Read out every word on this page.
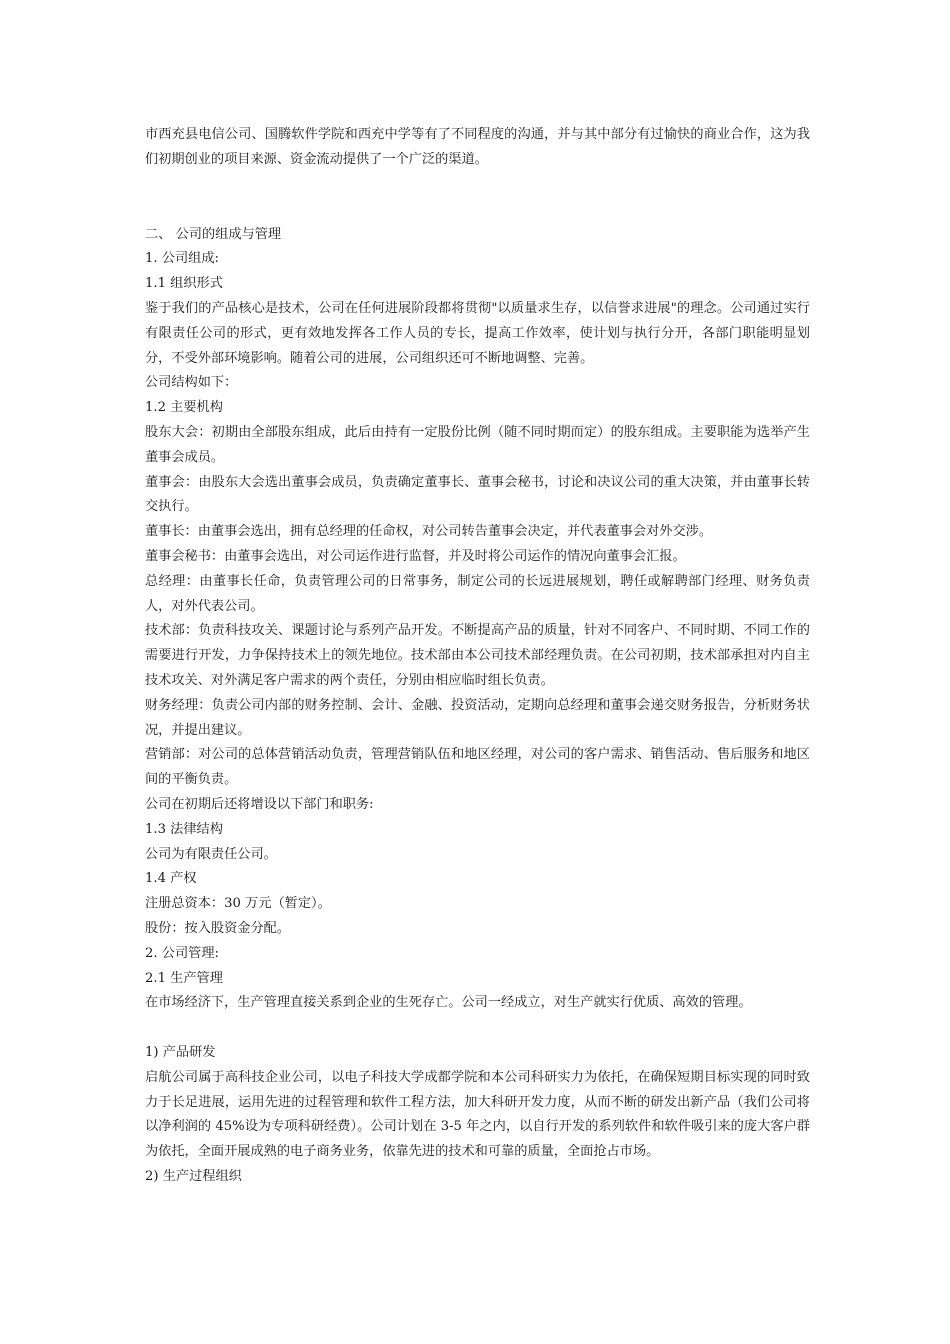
市西充县电信公司、国腾软件学院和西充中学等有了不同程度的沟通，并与其中部分有过愉快的商业合作，这为我们初期创业的项目来源、资金流动提供了一个广泛的渠道。

二、 公司的组成与管理

1. 公司组成:

1.1 组织形式

鉴于我们的产品核心是技术，公司在任何进展阶段都将贯彻"以质量求生存，以信誉求进展"的理念。公司通过实行有限责任公司的形式，更有效地发挥各工作人员的专长，提高工作效率，使计划与执行分开，各部门职能明显划分，不受外部环境影响。随着公司的进展，公司组织还可不断地调整、完善。

公司结构如下：

1.2 主要机构

股东大会：初期由全部股东组成，此后由持有一定股份比例（随不同时期而定）的股东组成。主要职能为选举产生董事会成员。

董事会：由股东大会选出董事会成员，负责确定董事长、董事会秘书，讨论和决议公司的重大决策，并由董事长转交执行。

董事长：由董事会选出，拥有总经理的任命权，对公司转告董事会决定，并代表董事会对外交涉。

董事会秘书：由董事会选出，对公司运作进行监督，并及时将公司运作的情况向董事会汇报。

总经理：由董事长任命，负责管理公司的日常事务，制定公司的长远进展规划，聘任或解聘部门经理、财务负责人，对外代表公司。

技术部：负责科技攻关、课题讨论与系列产品开发。不断提高产品的质量，针对不同客户、不同时期、不同工作的需要进行开发，力争保持技术上的领先地位。技术部由本公司技术部经理负责。在公司初期，技术部承担对内自主技术攻关、对外满足客户需求的两个责任，分别由相应临时组长负责。

财务经理：负责公司内部的财务控制、会计、金融、投资活动，定期向总经理和董事会递交财务报告，分析财务状况，并提出建议。

营销部：对公司的总体营销活动负责，管理营销队伍和地区经理，对公司的客户需求、销售活动、售后服务和地区间的平衡负责。

公司在初期后还将增设以下部门和职务:

1.3 法律结构

公司为有限责任公司。

1.4 产权

注册总资本：30 万元（暂定）。

股份：按入股资金分配。

2. 公司管理:

2.1 生产管理

在市场经济下，生产管理直接关系到企业的生死存亡。公司一经成立，对生产就实行优质、高效的管理。

1) 产品研发

启航公司属于高科技企业公司，以电子科技大学成都学院和本公司科研实力为依托，在确保短期目标实现的同时致力于长足进展，运用先进的过程管理和软件工程方法，加大科研开发力度，从而不断的研发出新产品（我们公司将以净利润的 45%设为专项科研经费）。公司计划在 3-5 年之内，以自行开发的系列软件和软件吸引来的庞大客户群为依托，全面开展成熟的电子商务业务，依靠先进的技术和可靠的质量，全面抢占市场。

2) 生产过程组织
